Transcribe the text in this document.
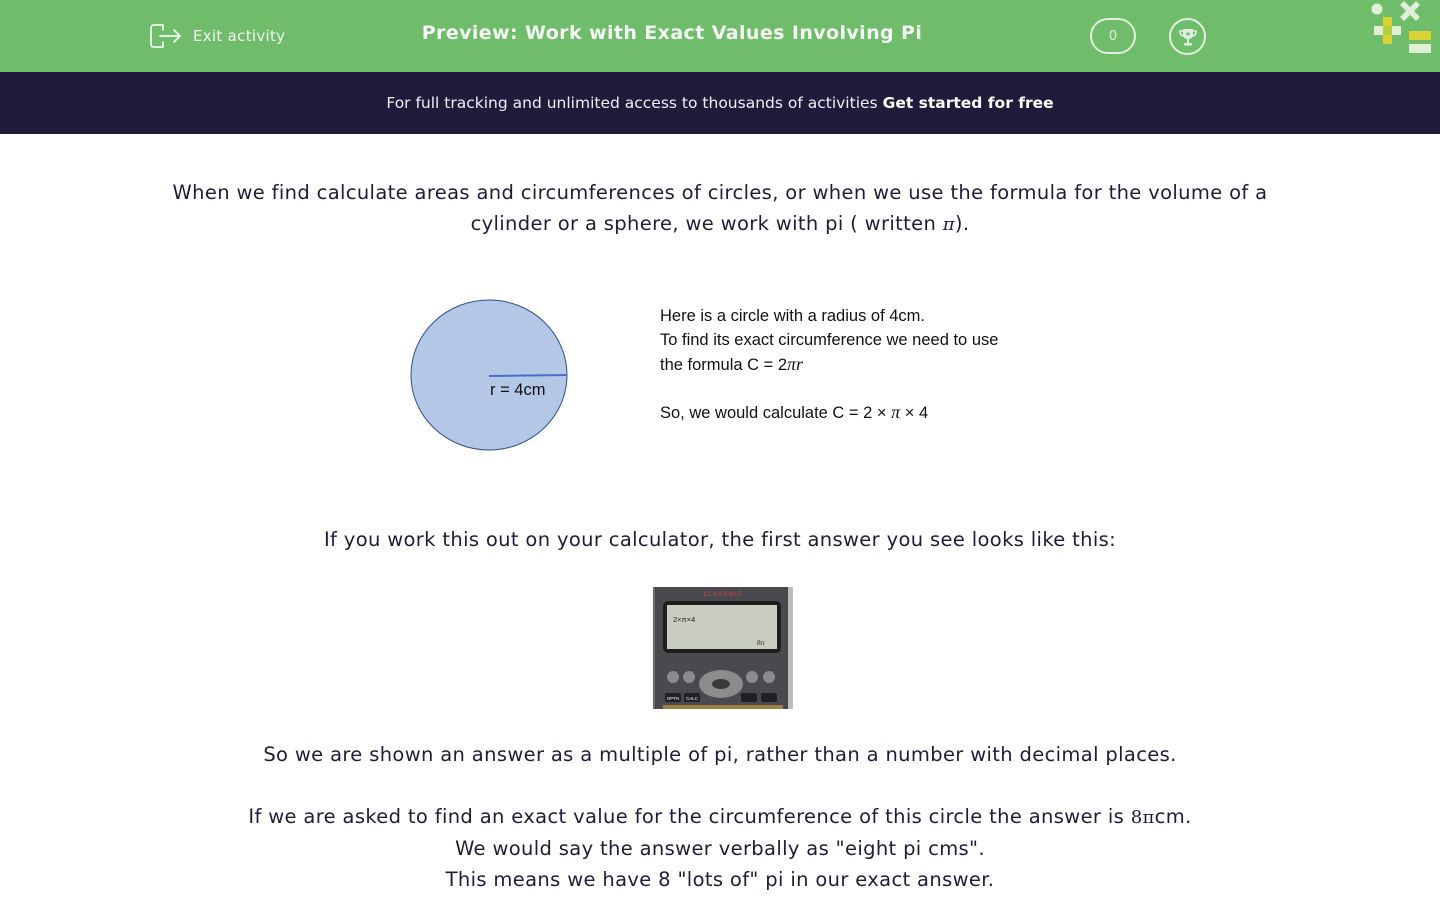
Exit activity	Preview: Work with Exact Values Involving Pi	0
For full tracking and unlimited access to thousands of activities Get started for free

When we find calculate areas and circumferences of circles, or when we use the formula for the volume of a cylinder or a sphere, we work with pi ( written π).

r = 4cm
Here is a circle with a radius of 4cm.
To find its exact circumference we need to use
the formula C = 2πr
So, we would calculate C = 2 × π × 4

If you work this out on your calculator, the first answer you see looks like this:

CLASSWIZ
2×π×4
8π
OPTN CALC

So we are shown an answer as a multiple of pi, rather than a number with decimal places.

If we are asked to find an exact value for the circumference of this circle the answer is 8πcm.
We would say the answer verbally as "eight pi cms".
This means we have 8 "lots of" pi in our exact answer.
